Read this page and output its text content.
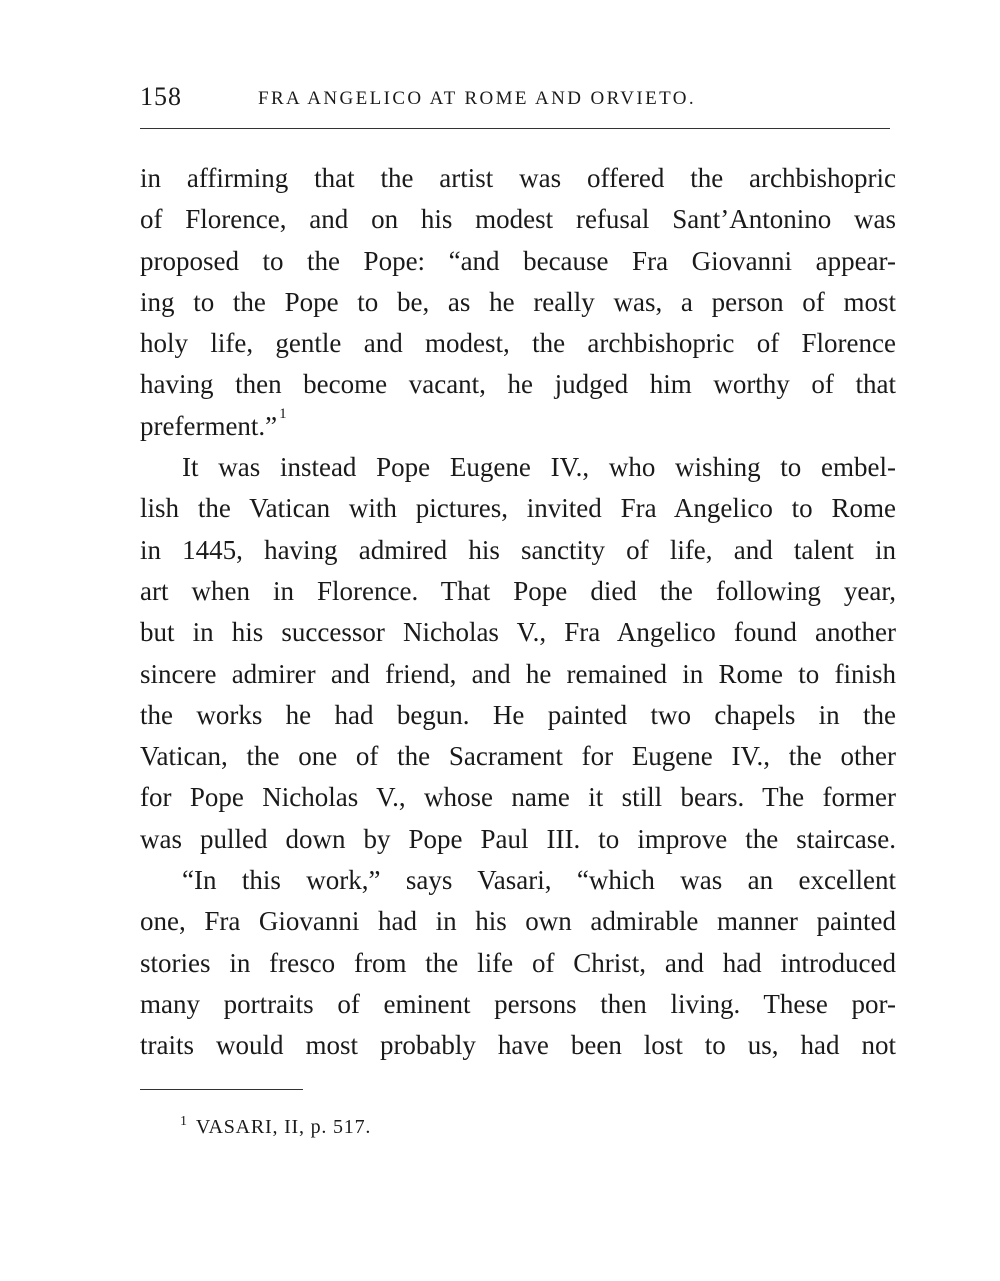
158	FRA ANGELICO AT ROME AND ORVIETO.
in affirming that the artist was offered the archbishopric
of Florence, and on his modest refusal Sant’Antonino was
proposed to the Pope: “and because Fra Giovanni appear-
ing to the Pope to be, as he really was, a person of most
holy life, gentle and modest, the archbishopric of Florence
having then become vacant, he judged him worthy of that
preferment.” $^1$
It was instead Pope Eugene IV., who wishing to embel-
lish the Vatican with pictures, invited Fra Angelico to Rome
in 1445, having admired his sanctity of life, and talent in
art when in Florence. That Pope died the following year,
but in his successor Nicholas V., Fra Angelico found another
sincere admirer and friend, and he remained in Rome to finish
the works he had begun. He painted two chapels in the
Vatican, the one of the Sacrament for Eugene IV., the other
for Pope Nicholas V., whose name it still bears. The former
was pulled down by Pope Paul III. to improve the staircase.
“In this work,” says Vasari, “which was an excellent
one, Fra Giovanni had in his own admirable manner painted
stories in fresco from the life of Christ, and had introduced
many portraits of eminent persons then living. These por-
traits would most probably have been lost to us, had not
$^1$ VASARI, II, p. 517.
